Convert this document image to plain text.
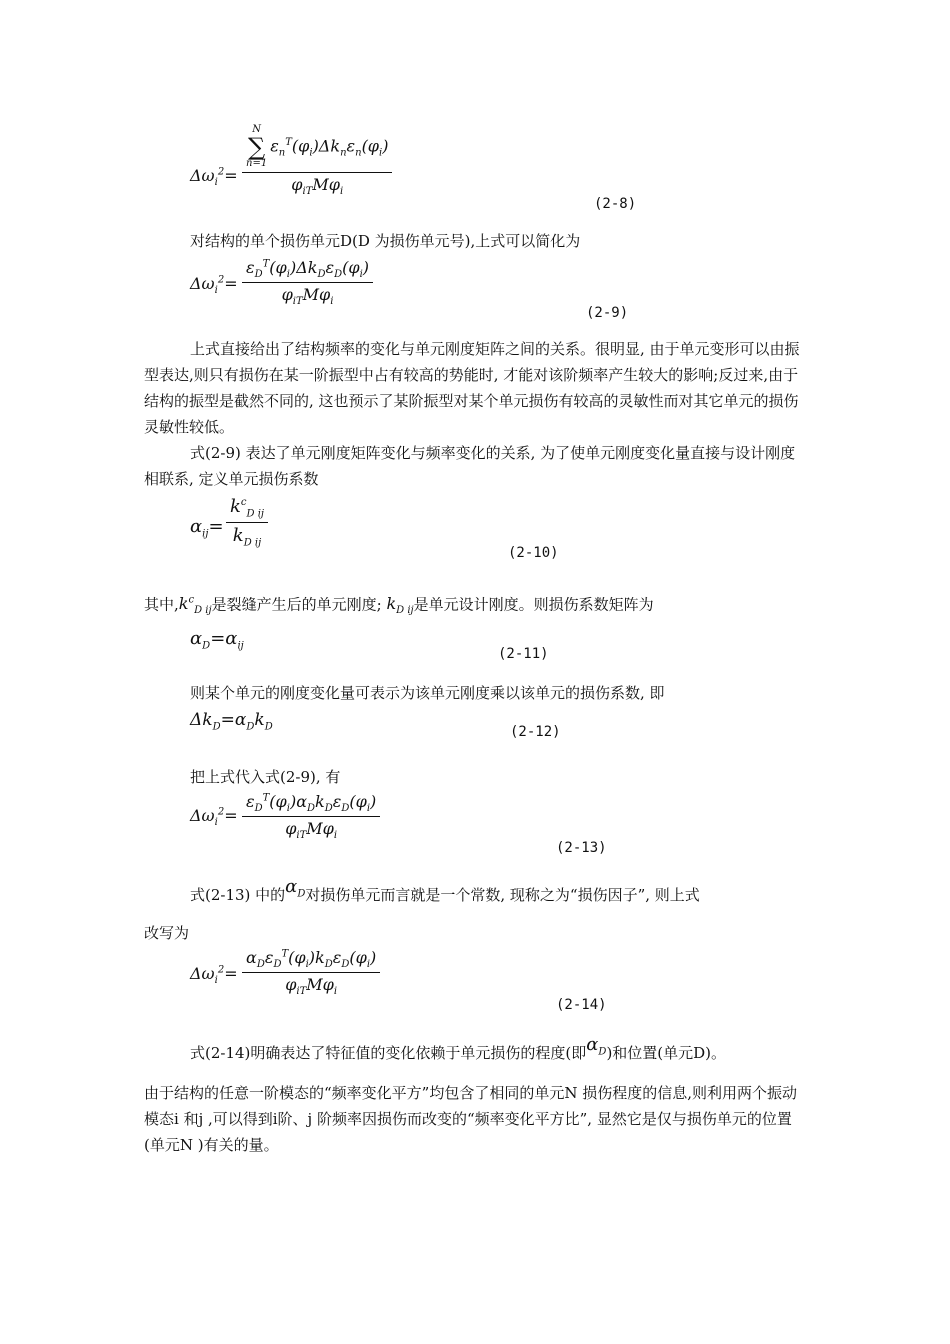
$\Delta\omega_i^2=$
N
∑
n=1
$\varepsilon_n^T(\varphi_i)\Delta k_n\varepsilon_n(\varphi_i)$
$\varphi_{iT}M\varphi_i$
(2-8)

对结构的单个损伤单元D(D 为损伤单元号),上式可以简化为

$\Delta\omega_i^2=$
$\varepsilon_D^T(\varphi_i)\Delta k_D\varepsilon_D(\varphi_i)$
$\varphi_{iT}M\varphi_i$
(2-9)

上式直接给出了结构频率的变化与单元刚度矩阵之间的关系。很明显, 由于单元变形可以由振型表达,则只有损伤在某一阶振型中占有较高的势能时, 才能对该阶频率产生较大的影响;反过来,由于结构的振型是截然不同的, 这也预示了某阶振型对某个单元损伤有较高的灵敏性而对其它单元的损伤灵敏性较低。

式(2-9) 表达了单元刚度矩阵变化与频率变化的关系, 为了使单元刚度变化量直接与设计刚度相联系, 定义单元损伤系数

$\alpha_{ij}=$
$k^c_{D ij}$
$k_{D ij}$
(2-10)

其中$,k^c_{D ij}$是裂缝产生后的单元刚度; $k_{D ij}$是单元设计刚度。则损伤系数矩阵为

$\alpha_D=\alpha_{ij}$	(2-11)

则某个单元的刚度变化量可表示为该单元刚度乘以该单元的损伤系数, 即

$\Delta k_D=\alpha_Dk_D$	(2-12)

把上式代入式(2-9), 有

$\Delta\omega_i^2=$
$\varepsilon_D^T(\varphi_i)\alpha_Dk_D\varepsilon_D(\varphi_i)$
$\varphi_{iT}M\varphi_i$
(2-13)

式(2-13) 中的$\alpha_D$对损伤单元而言就是一个常数, 现称之为“损伤因子”, 则上式

改写为

$\Delta\omega_i^2=$
$\alpha_D\varepsilon_D^T(\varphi_i)k_D\varepsilon_D(\varphi_i)$
$\varphi_{iT}M\varphi_i$
(2-14)

式(2-14)明确表达了特征值的变化依赖于单元损伤的程度(即$\alpha_D$)和位置(单元D)。

由于结构的任意一阶模态的“频率变化平方”均包含了相同的单元N 损伤程度的信息,则利用两个振动模态i 和j ,可以得到i阶、j 阶频率因损伤而改变的“频率变化平方比”, 显然它是仅与损伤单元的位置(单元N )有关的量。
